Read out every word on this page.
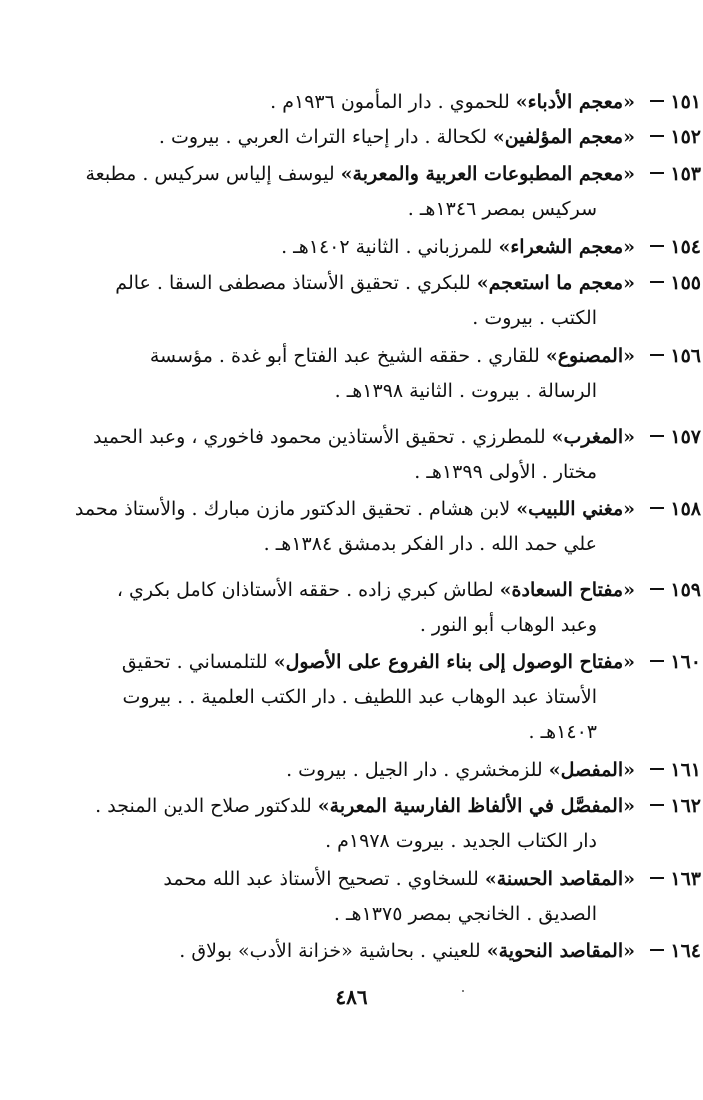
١٥١
«معجم الأدباء» للحموي . دار المأمون ١٩٣٦م .
١٥٢
«معجم المؤلفين» لكحالة . دار إحياء التراث العربي . بيروت .
١٥٣
«معجم المطبوعات العربية والمعربة» ليوسف إلياس سركيس . مطبعة
سركيس بمصر ١٣٤٦هـ .
١٥٤
«معجم الشعراء» للمرزباني . الثانية ١٤٠٢هـ .
١٥٥
«معجم ما استعجم» للبكري . تحقيق الأستاذ مصطفى السقا . عالم
الكتب . بيروت .
١٥٦
«المصنوع» للقاري . حققه الشيخ عبد الفتاح أبو غدة . مؤسسة
الرسالة . بيروت . الثانية ١٣٩٨هـ .
١٥٧
«المغرب» للمطرزي . تحقيق الأستاذين محمود فاخوري ، وعبد الحميد
مختار . الأولى ١٣٩٩هـ .
١٥٨
«مغني اللبيب» لابن هشام . تحقيق الدكتور مازن مبارك . والأستاذ محمد
علي حمد الله . دار الفكر بدمشق ١٣٨٤هـ .
١٥٩
«مفتاح السعادة» لطاش كبري زاده . حققه الأستاذان كامل بكري ،
وعبد الوهاب أبو النور .
١٦٠
«مفتاح الوصول إلى بناء الفروع على الأصول» للتلمساني . تحقيق
الأستاذ عبد الوهاب عبد اللطيف . دار الكتب العلمية . . بيروت
١٤٠٣هـ .
١٦١
«المفصل» للزمخشري . دار الجيل . بيروت .
١٦٢
«المفصَّل في الألفاظ الفارسية المعربة» للدكتور صلاح الدين المنجد .
دار الكتاب الجديد . بيروت ١٩٧٨م .
١٦٣
«المقاصد الحسنة» للسخاوي . تصحيح الأستاذ عبد الله محمد
الصديق . الخانجي بمصر ١٣٧٥هـ .
١٦٤
«المقاصد النحوية» للعيني . بحاشية «خزانة الأدب» بولاق .
٤٨٦
